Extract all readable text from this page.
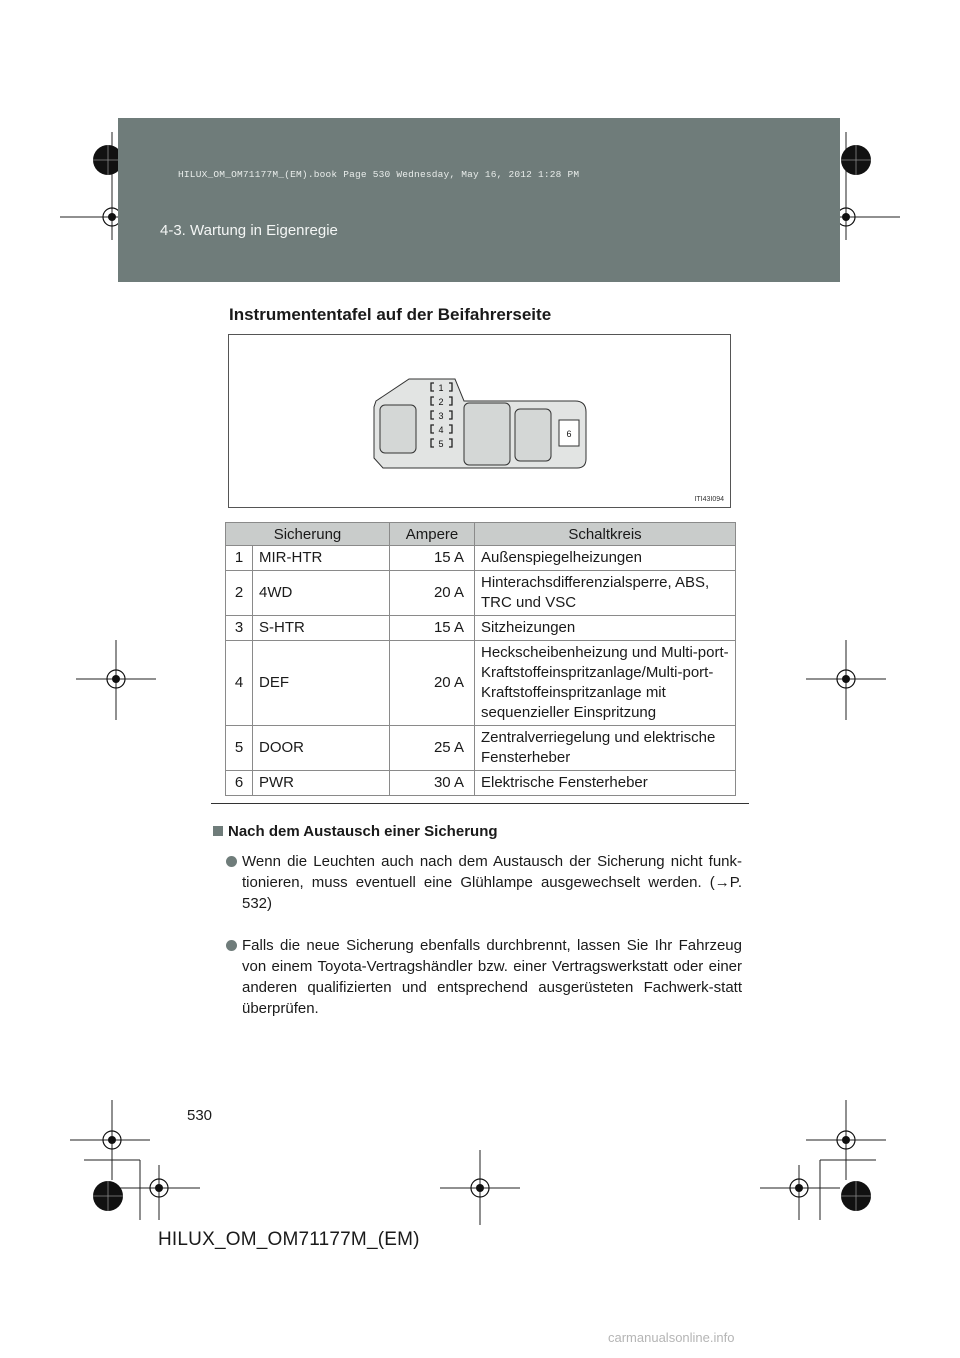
HILUX_OM_OM71177M_(EM).book Page 530 Wednesday, May 16, 2012 1:28 PM
4-3. Wartung in Eigenregie
Instrumententafel auf der Beifahrerseite
1
2
3
4
5
6
ITI43I094
Sicherung		Ampere	Schaltkreis
1	MIR-HTR	15 A	Außenspiegelheizungen
2	4WD	20 A	Hinterachsdifferenzialsperre, ABS, TRC und VSC
3	S-HTR	15 A	Sitzheizungen
4	DEF	20 A	Heckscheibenheizung und Multi-port-Kraftstoffeinspritzanlage/Multi-port-Kraftstoffeinspritzanlage mit sequenzieller Einspritzung
5	DOOR	25 A	Zentralverriegelung und elektrische Fensterheber
6	PWR	30 A	Elektrische Fensterheber
Nach dem Austausch einer Sicherung
Wenn die Leuchten auch nach dem Austausch der Sicherung nicht funk-tionieren, muss eventuell eine Glühlampe ausgewechselt werden. (→P. 532)
Falls die neue Sicherung ebenfalls durchbrennt, lassen Sie Ihr Fahrzeug von einem Toyota-Vertragshändler bzw. einer Vertragswerkstatt oder einer anderen qualifizierten und entsprechend ausgerüsteten Fachwerk-statt überprüfen.
530
HILUX_OM_OM71177M_(EM)
carmanualsonline.info
